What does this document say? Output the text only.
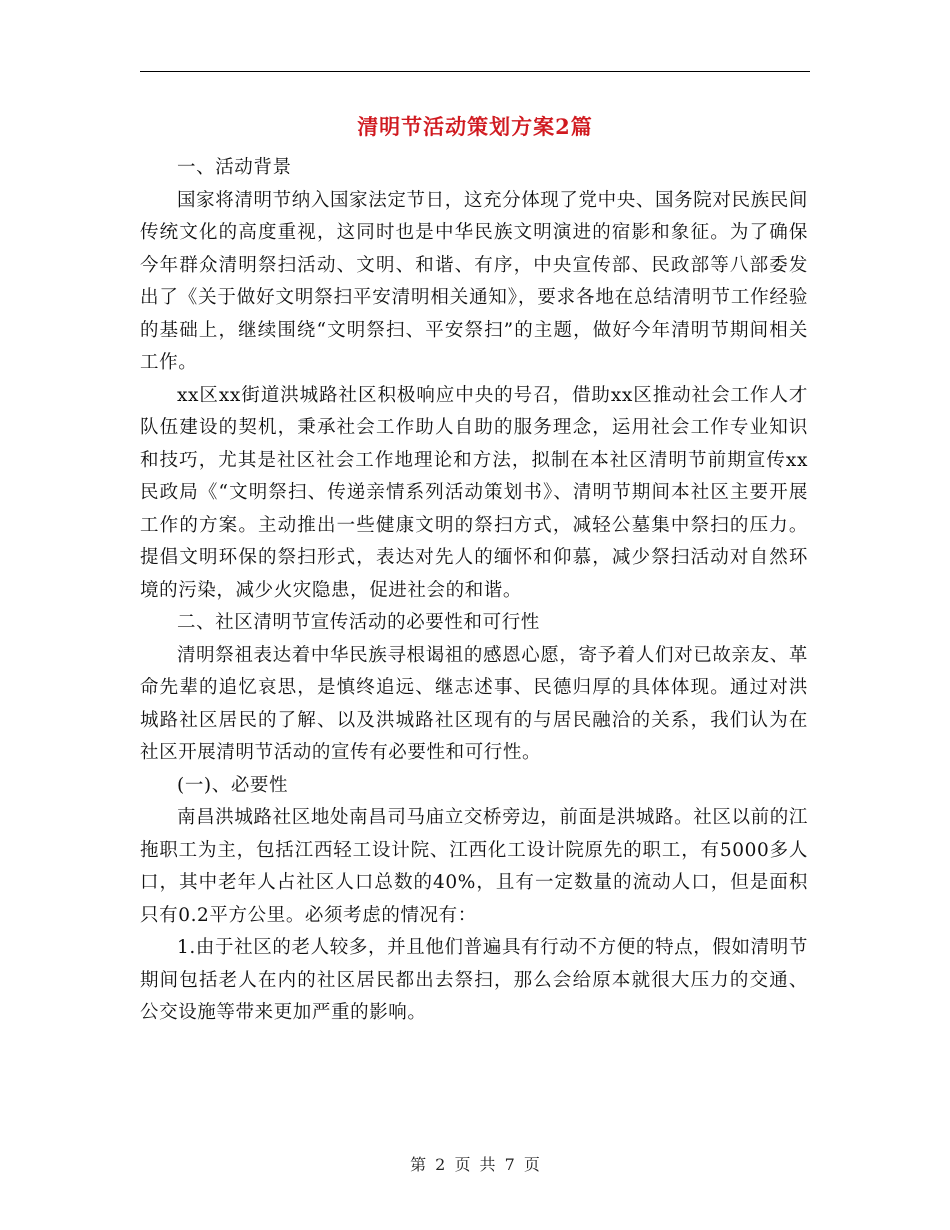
清明节活动策划方案2篇

一、活动背景

国家将清明节纳入国家法定节日，这充分体现了党中央、国务院对民族民间传统文化的高度重视，这同时也是中华民族文明演进的宿影和象征。为了确保今年群众清明祭扫活动、文明、和谐、有序，中央宣传部、民政部等八部委发出了《关于做好文明祭扫平安清明相关通知》，要求各地在总结清明节工作经验的基础上，继续围绕“文明祭扫、平安祭扫”的主题，做好今年清明节期间相关工作。

xx区xx街道洪城路社区积极响应中央的号召，借助xx区推动社会工作人才队伍建设的契机，秉承社会工作助人自助的服务理念，运用社会工作专业知识和技巧，尤其是社区社会工作地理论和方法，拟制在本社区清明节前期宣传xx民政局《“文明祭扫、传递亲情系列活动策划书》、清明节期间本社区主要开展工作的方案。主动推出一些健康文明的祭扫方式，减轻公墓集中祭扫的压力。提倡文明环保的祭扫形式，表达对先人的缅怀和仰慕，减少祭扫活动对自然环境的污染，减少火灾隐患，促进社会的和谐。

二、社区清明节宣传活动的必要性和可行性

清明祭祖表达着中华民族寻根谒祖的感恩心愿，寄予着人们对已故亲友、革命先辈的追忆哀思，是慎终追远、继志述事、民德归厚的具体体现。通过对洪城路社区居民的了解、以及洪城路社区现有的与居民融洽的关系，我们认为在社区开展清明节活动的宣传有必要性和可行性。

(一)、必要性

南昌洪城路社区地处南昌司马庙立交桥旁边，前面是洪城路。社区以前的江拖职工为主，包括江西轻工设计院、江西化工设计院原先的职工，有5000多人口，其中老年人占社区人口总数的40%，且有一定数量的流动人口，但是面积只有0.2平方公里。必须考虑的情况有：

1.由于社区的老人较多，并且他们普遍具有行动不方便的特点，假如清明节期间包括老人在内的社区居民都出去祭扫，那么会给原本就很大压力的交通、公交设施等带来更加严重的影响。

第 2 页 共 7 页
